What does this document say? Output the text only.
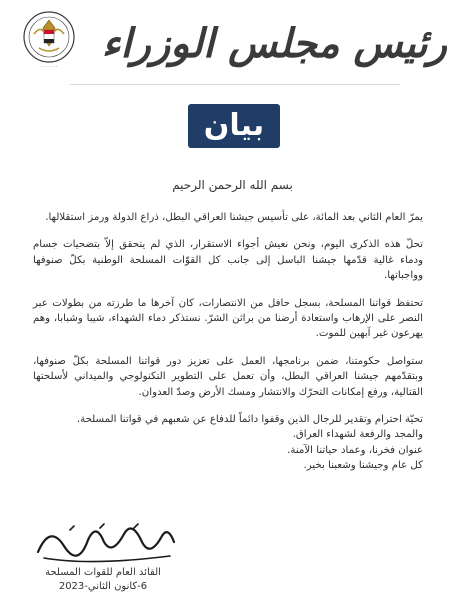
· · · · · · · رئيس مجلس الوزراء
بيان
بسم الله الرحمن الرحيم

يمرّ العام الثاني بعد المائة، على تأسيس جيشنا العراقي البطل، ذراع الدولة ورمز استقلالها.

تحلّ هذه الذكرى اليوم، ونحن نعيش أجواء الاستقرار، الذي لم يتحقق إلاّ بتضحيات جسام ودماء غالية قدّمها جيشنا الباسل إلى جانب كل القوّات المسلحة الوطنية بكلّ صنوفها وواجباتها.

تحتفظ قواتنا المسلحة، بسجل حافل من الانتصارات، كان آخرها ما طرزته من بطولات عبر النصر على الإرهاب واستعادة أرضنا من براثن الشرّ. نستذكر دماء الشهداء، شيبا وشبابا، وهم يهرعون غير آبهين للموت.

ستواصل حكومتنا، ضمن برنامجها، العمل على تعزيز دور قواتنا المسلحة بكلّ صنوفها، وبتقدّمهم جيشنا العراقي البطل، وأن تعمل على التطوير التكنولوجي والميداني لأسلحتها القتالية، ورفع إمكانات التحرّك والانتشار ومسك الأرض وصدّ العدوان.

تحيّة احترام وتقدير للرجال الذين وقفوا دائماً للدفاع عن شعبهم في قواتنا المسلحة.

والمجد والرفعة لشهداء العراق.

عنوان فخرنا، وعماد حياتنا الآمنة.

كل عام وجيشنا وشعبنا بخير.

القائد العام للقوات المسلحة
6-كانون الثاني-2023
